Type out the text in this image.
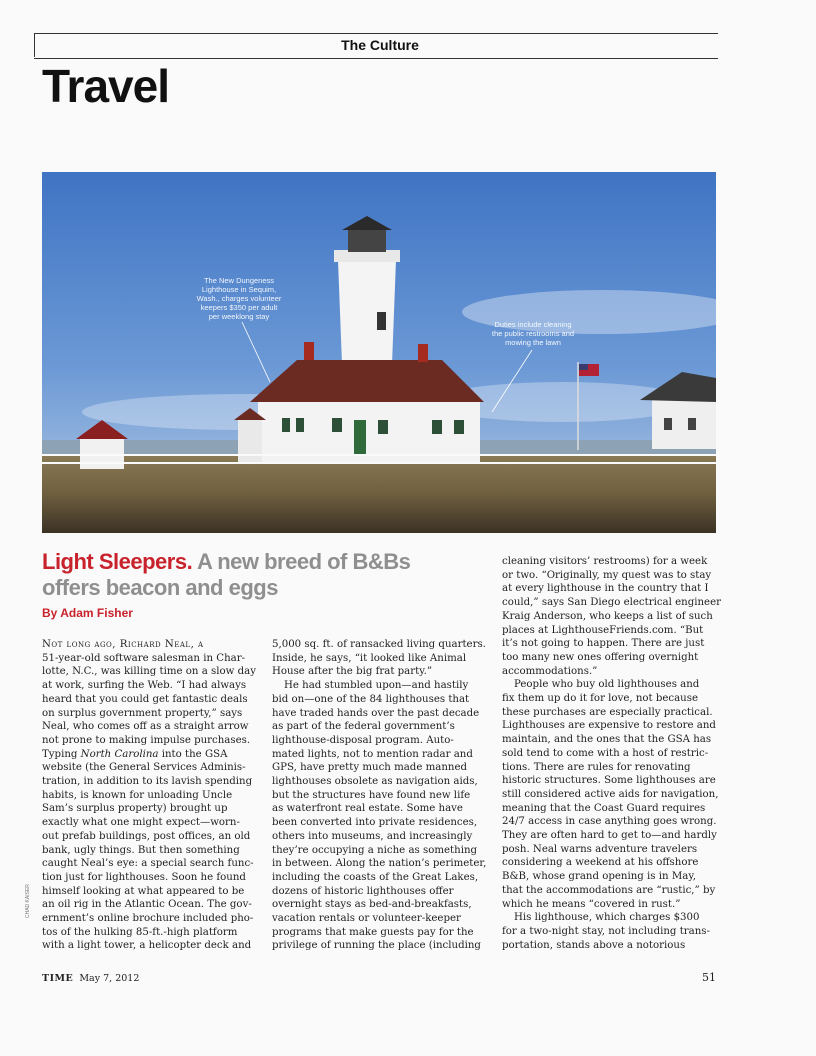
The Culture
Travel
The New Dungeness
Lighthouse in Sequim,
Wash., charges volunteer
keepers $350 per adult
per weeklong stay
Duties include cleaning
the public restrooms and
mowing the lawn
Light Sleepers. A new breed of B&Bs offers beacon and eggs
By Adam Fisher
Not long ago, Richard Neal, a
51-year-old software salesman in Char-
lotte, N.C., was killing time on a slow day
at work, surfing the Web. “I had always
heard that you could get fantastic deals
on surplus government property,” says
Neal, who comes off as a straight arrow
not prone to making impulse purchases.
Typing North Carolina into the GSA
website (the General Services Adminis-
tration, in addition to its lavish spending
habits, is known for unloading Uncle
Sam’s surplus property) brought up
exactly what one might expect—worn-
out prefab buildings, post offices, an old
bank, ugly things. But then something
caught Neal’s eye: a special search func-
tion just for lighthouses. Soon he found
himself looking at what appeared to be
an oil rig in the Atlantic Ocean. The gov-
ernment’s online brochure included pho-
tos of the hulking 85-ft.-high platform
with a light tower, a helicopter deck and
5,000 sq. ft. of ransacked living quarters.
Inside, he says, “it looked like Animal
House after the big frat party.”
He had stumbled upon—and hastily
bid on—one of the 84 lighthouses that
have traded hands over the past decade
as part of the federal government’s
lighthouse-disposal program. Auto-
mated lights, not to mention radar and
GPS, have pretty much made manned
lighthouses obsolete as navigation aids,
but the structures have found new life
as waterfront real estate. Some have
been converted into private residences,
others into museums, and increasingly
they’re occupying a niche as something
in between. Along the nation’s perimeter,
including the coasts of the Great Lakes,
dozens of historic lighthouses offer
overnight stays as bed-and-breakfasts,
vacation rentals or volunteer-keeper
programs that make guests pay for the
privilege of running the place (including
cleaning visitors’ restrooms) for a week
or two. “Originally, my quest was to stay
at every lighthouse in the country that I
could,” says San Diego electrical engineer
Kraig Anderson, who keeps a list of such
places at LighthouseFriends.com. “But
it’s not going to happen. There are just
too many new ones offering overnight
accommodations.”
People who buy old lighthouses and
fix them up do it for love, not because
these purchases are especially practical.
Lighthouses are expensive to restore and
maintain, and the ones that the GSA has
sold tend to come with a host of restric-
tions. There are rules for renovating
historic structures. Some lighthouses are
still considered active aids for navigation,
meaning that the Coast Guard requires
24/7 access in case anything goes wrong.
They are often hard to get to—and hardly
posh. Neal warns adventure travelers
considering a weekend at his offshore
B&B, whose grand opening is in May,
that the accommodations are “rustic,” by
which he means “covered in rust.”
His lighthouse, which charges $300
for a two-night stay, not including trans-
portation, stands above a notorious
CHAD KAISER
TIME May 7, 2012	51
